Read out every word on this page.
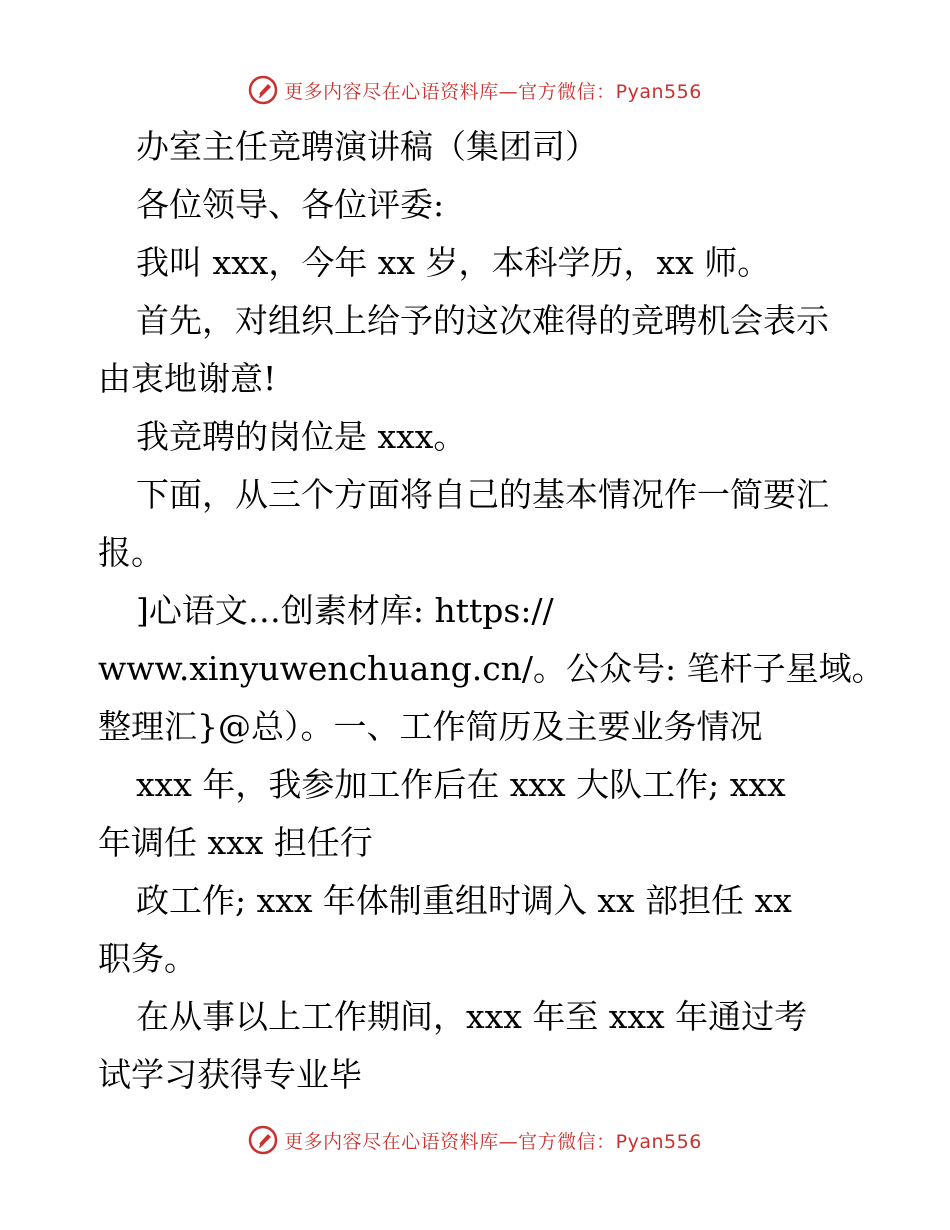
更多内容尽在心语资料库—官方微信：Pyan556
办室主任竞聘演讲稿（集团司）
各位领导、各位评委:
我叫 xxx，今年 xx 岁，本科学历，xx 师。
首先，对组织上给予的这次难得的竞聘机会表示
由衷地谢意!
我竞聘的岗位是 xxx。
下面，从三个方面将自己的基本情况作一简要汇
报。
]心语文…创素材库: https://
www.xinyuwenchuang.cn/。公众号: 笔杆子星域。
整理汇}@总）。一、工作简历及主要业务情况
xxx 年，我参加工作后在 xxx 大队工作; xxx
年调任 xxx 担任行
政工作; xxx 年体制重组时调入 xx 部担任 xx
职务。
在从事以上工作期间，xxx 年至 xxx 年通过考
试学习获得专业毕
更多内容尽在心语资料库—官方微信：Pyan556
